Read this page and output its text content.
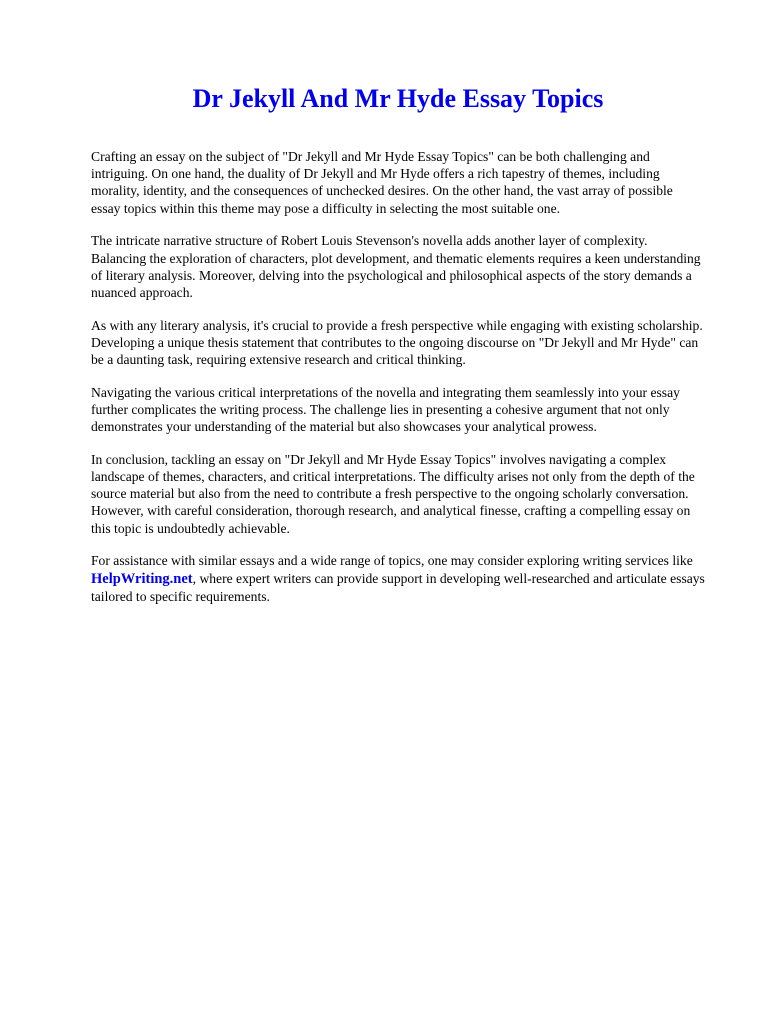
Dr Jekyll And Mr Hyde Essay Topics

Crafting an essay on the subject of "Dr Jekyll and Mr Hyde Essay Topics" can be both challenging and intriguing. On one hand, the duality of Dr Jekyll and Mr Hyde offers a rich tapestry of themes, including morality, identity, and the consequences of unchecked desires. On the other hand, the vast array of possible essay topics within this theme may pose a difficulty in selecting the most suitable one.

The intricate narrative structure of Robert Louis Stevenson's novella adds another layer of complexity. Balancing the exploration of characters, plot development, and thematic elements requires a keen understanding of literary analysis. Moreover, delving into the psychological and philosophical aspects of the story demands a nuanced approach.

As with any literary analysis, it's crucial to provide a fresh perspective while engaging with existing scholarship. Developing a unique thesis statement that contributes to the ongoing discourse on "Dr Jekyll and Mr Hyde" can be a daunting task, requiring extensive research and critical thinking.

Navigating the various critical interpretations of the novella and integrating them seamlessly into your essay further complicates the writing process. The challenge lies in presenting a cohesive argument that not only demonstrates your understanding of the material but also showcases your analytical prowess.

In conclusion, tackling an essay on "Dr Jekyll and Mr Hyde Essay Topics" involves navigating a complex landscape of themes, characters, and critical interpretations. The difficulty arises not only from the depth of the source material but also from the need to contribute a fresh perspective to the ongoing scholarly conversation. However, with careful consideration, thorough research, and analytical finesse, crafting a compelling essay on this topic is undoubtedly achievable.

For assistance with similar essays and a wide range of topics, one may consider exploring writing services like HelpWriting.net, where expert writers can provide support in developing well-researched and articulate essays tailored to specific requirements.
